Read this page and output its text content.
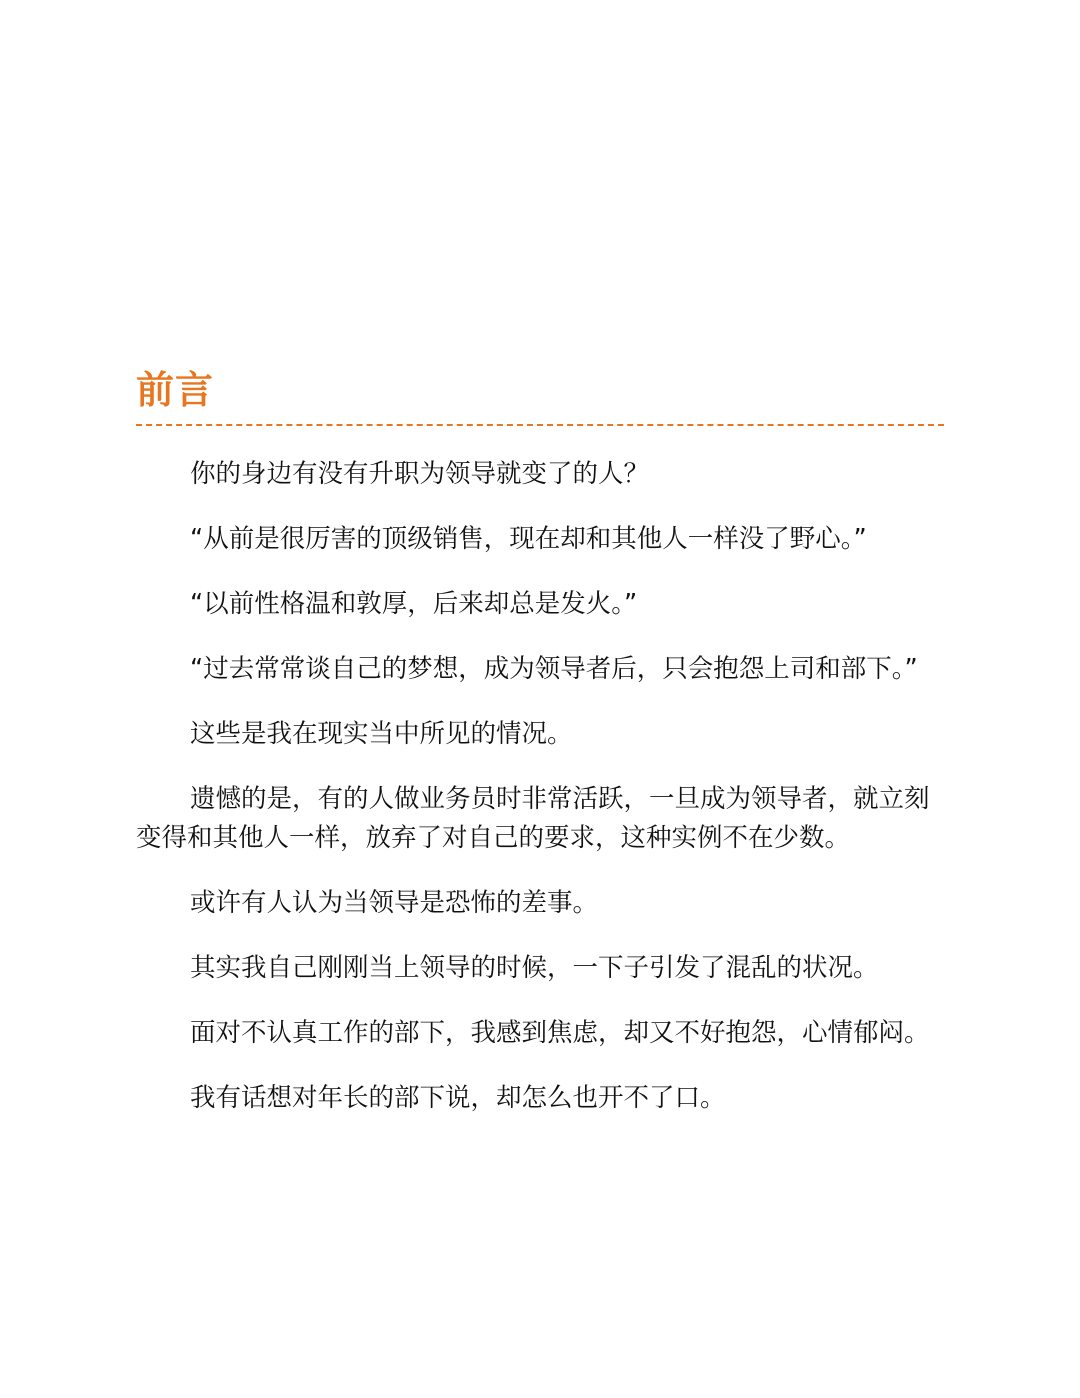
前言

你的身边有没有升职为领导就变了的人？

“从前是很厉害的顶级销售，现在却和其他人一样没了野心。”

“以前性格温和敦厚，后来却总是发火。”

“过去常常谈自己的梦想，成为领导者后，只会抱怨上司和部下。”

这些是我在现实当中所见的情况。

遗憾的是，有的人做业务员时非常活跃，一旦成为领导者，就立刻变得和其他人一样，放弃了对自己的要求，这种实例不在少数。

或许有人认为当领导是恐怖的差事。

其实我自己刚刚当上领导的时候，一下子引发了混乱的状况。

面对不认真工作的部下，我感到焦虑，却又不好抱怨，心情郁闷。

我有话想对年长的部下说，却怎么也开不了口。
